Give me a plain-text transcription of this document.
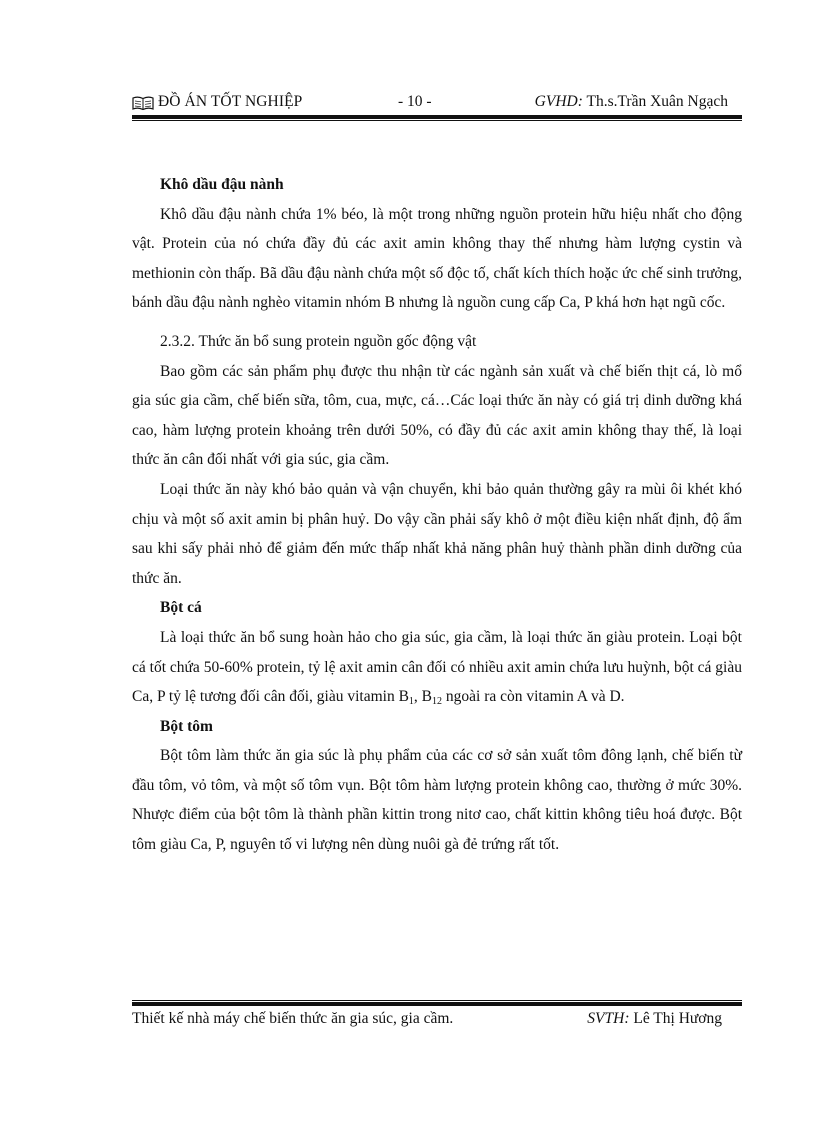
ĐỒ ÁN TỐT NGHIỆP	- 10 -	GVHD: Th.s.Trần Xuân Ngạch

Khô dầu đậu nành

Khô dầu đậu nành chứa 1% béo, là một trong những nguồn protein hữu hiệu nhất cho động vật. Protein của nó chứa đầy đủ các axit amin không thay thế nhưng hàm lượng cystin và methionin còn thấp. Bã dầu đậu nành chứa một số độc tố, chất kích thích hoặc ức chế sinh trưởng, bánh dầu đậu nành nghèo vitamin nhóm B nhưng là nguồn cung cấp Ca, P khá hơn hạt ngũ cốc.

2.3.2. Thức ăn bổ sung protein nguồn gốc động vật

Bao gồm các sản phẩm phụ được thu nhận từ các ngành sản xuất và chế biến thịt cá, lò mổ gia súc gia cầm, chế biến sữa, tôm, cua, mực, cá…Các loại thức ăn này có giá trị dinh dưỡng khá cao, hàm lượng protein khoảng trên dưới 50%, có đầy đủ các axit amin không thay thế, là loại thức ăn cân đối nhất với gia súc, gia cầm.

Loại thức ăn này khó bảo quản và vận chuyển, khi bảo quản thường gây ra mùi ôi khét khó chịu và một số axit amin bị phân huỷ. Do vậy cần phải sấy khô ở một điều kiện nhất định, độ ẩm sau khi sấy phải nhỏ để giảm đến mức thấp nhất khả năng phân huỷ thành phần dinh dưỡng của thức ăn.

Bột cá

Là loại thức ăn bổ sung hoàn hảo cho gia súc, gia cầm, là loại thức ăn giàu protein. Loại bột cá tốt chứa 50-60% protein, tỷ lệ axit amin cân đối có nhiều axit amin chứa lưu huỳnh, bột cá giàu Ca, P tỷ lệ tương đối cân đối, giàu vitamin $B_1$, $B_{12}$ ngoài ra còn vitamin A và D.

Bột tôm

Bột tôm làm thức ăn gia súc là phụ phẩm của các cơ sở sản xuất tôm đông lạnh, chế biến từ đầu tôm, vỏ tôm, và một số tôm vụn. Bột tôm hàm lượng protein không cao, thường ở mức 30%. Nhược điểm của bột tôm là thành phần kittin trong nitơ cao, chất kittin không tiêu hoá được. Bột tôm giàu Ca, P, nguyên tố vi lượng nên dùng nuôi gà đẻ trứng rất tốt.

Thiết kế nhà máy chế biến thức ăn gia súc, gia cầm.	SVTH: Lê Thị Hương
